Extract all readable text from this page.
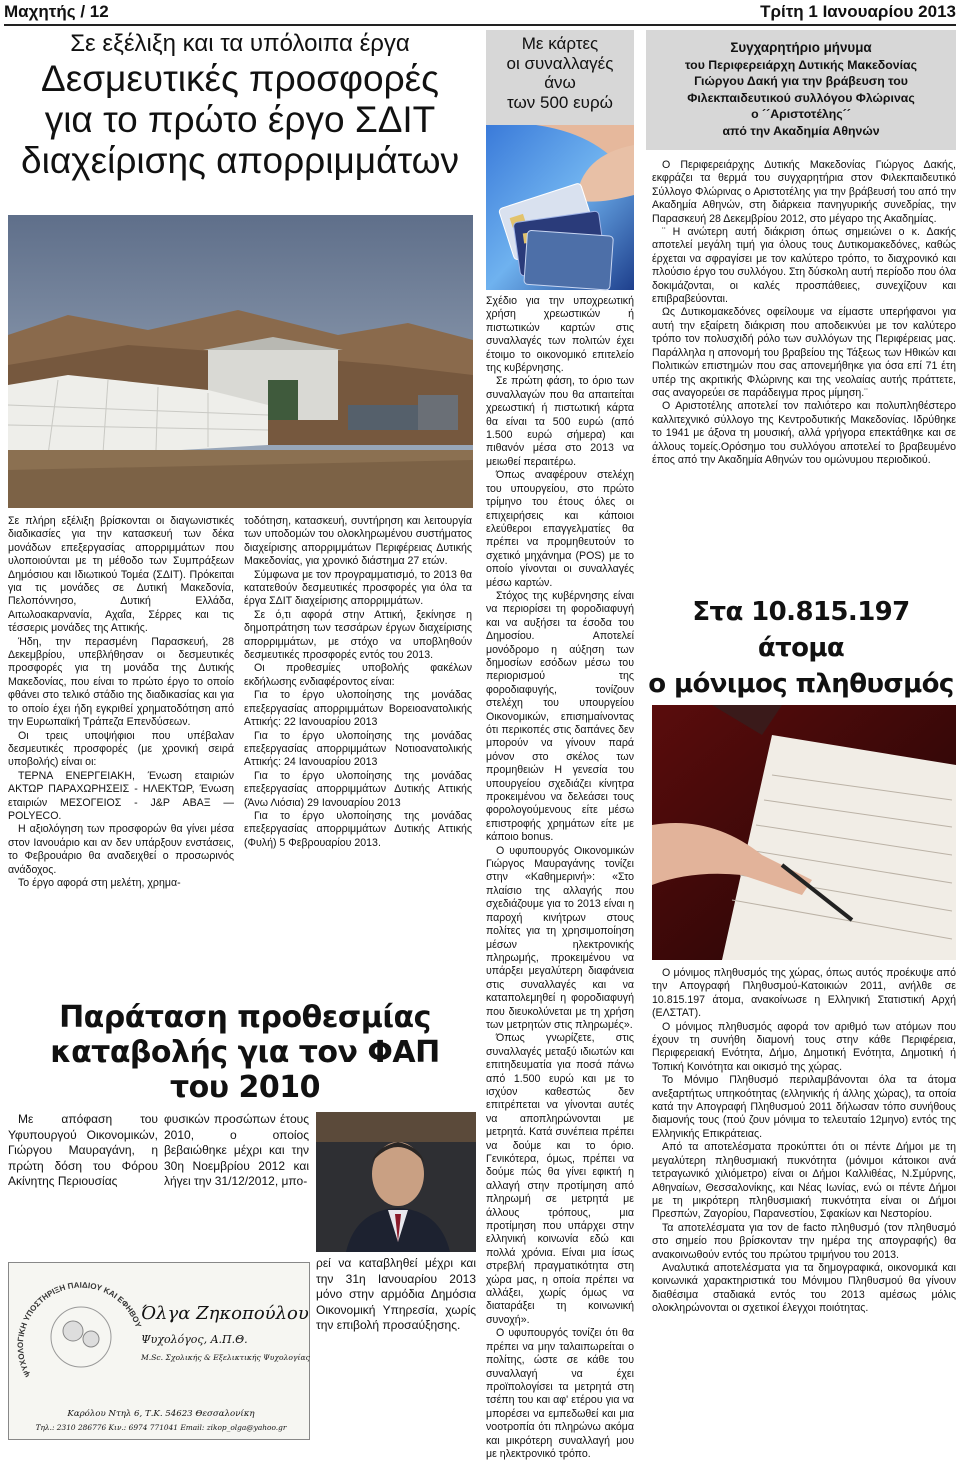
Μαχητής / 12	Τρίτη 1 Ιανουαρίου 2013
Σε εξέλιξη και τα υπόλοιπα έργα
Δεσμευτικές προσφορές
για το πρώτο έργο ΣΔΙΤ
διαχείρισης απορριμμάτων

Σε πλήρη εξέλιξη βρίσκονται οι διαγωνιστικές διαδικασίες για την κατασκευή των δέκα μονάδων επεξεργασίας απορριμμάτων που υλοποιούνται με τη μέθοδο των Συμπράξεων Δημόσιου και Ιδιωτικού Τομέα (ΣΔΙΤ). Πρόκειται για τις μονάδες σε Δυτική Μακεδονία, Πελοπόννησο, Δυτική Ελλάδα, Αιτωλοακαρνανία, Αχαΐα, Σέρρες και τις τέσσερις μονάδες της Αττικής.

Ήδη, την περασμένη Παρασκευή, 28 Δεκεμβρίου, υπεβλήθησαν οι δεσμευτικές προσφορές για τη μονάδα της Δυτικής Μακεδονίας, που είναι το πρώτο έργο το οποίο φθάνει στο τελικό στάδιο της διαδικασίας και για το οποίο έχει ήδη εγκριθεί χρηματοδότηση από την Ευρωπαϊκή Τράπεζα Επενδύσεων.

Οι τρεις υποψήφιοι που υπέβαλαν δεσμευτικές προσφορές (με χρονική σειρά υποβολής) είναι οι:

ΤΕΡΝΑ ΕΝΕΡΓΕΙΑΚΗ, Ένωση εταιριών ΑΚΤΩΡ ΠΑΡΑΧΩΡΗΣΕΙΣ - ΗΛΕΚΤΩΡ, Ένωση εταιριών ΜΕΣΟΓΕΙΟΣ - J&P ΑΒΑΞ — POLYECO.

Η αξιολόγηση των προσφορών θα γίνει μέσα στον Ιανουάριο και αν δεν υπάρξουν ενστάσεις, το Φεβρουάριο θα αναδειχθεί ο προσωρινός ανάδοχος.

Το έργο αφορά στη μελέτη, χρημα-

τοδότηση, κατασκευή, συντήρηση και λειτουργία των υποδομών του ολοκληρωμένου συστήματος διαχείρισης απορριμμάτων Περιφέρειας Δυτικής Μακεδονίας, για χρονικό διάστημα 27 ετών.

Σύμφωνα με τον προγραμματισμό, το 2013 θα κατατεθούν δεσμευτικές προσφορές για όλα τα έργα ΣΔΙΤ διαχείρισης απορριμμάτων.

Σε ό,τι αφορά στην Αττική, ξεκίνησε η δημοπράτηση των τεσσάρων έργων διαχείρισης απορριμμάτων, με στόχο να υποβληθούν δεσμευτικές προσφορές εντός του 2013.

Οι προθεσμίες υποβολής φακέλων εκδήλωσης ενδιαφέροντος είναι:

Για το έργο υλοποίησης της μονάδας επεξεργασίας απορριμμάτων Βορειοανατολικής Αττικής: 22 Ιανουαρίου 2013

Για το έργο υλοποίησης της μονάδας επεξεργασίας απορριμμάτων Νοτιοανατολικής Αττικής: 24 Ιανουαρίου 2013

Για το έργο υλοποίησης της μονάδας επεξεργασίας απορριμμάτων Δυτικής Αττικής (Άνω Λιόσια) 29 Ιανουαρίου 2013

Για το έργο υλοποίησης της μονάδας επεξεργασίας απορριμμάτων Δυτικής Αττικής (Φυλή) 5 Φεβρουαρίου 2013.

Παράταση προθεσμίας
καταβολής για τον ΦΑΠ
του 2010

Με απόφαση του Υφυπουργού Οικονομικών, Γιώργου Μαυραγάνη, η πρώτη δόση του Φόρου Ακίνητης Περιουσίας

φυσικών προσώπων έτους 2010, ο οποίος βεβαιώθηκε μέχρι και την 30η Νοεμβρίου 2012 και λήγει την 31/12/2012, μπο-

ρεί να καταβληθεί μέχρι και την 31η Ιανουαρίου 2013 μόνο στην αρμόδια Δημόσια Οικονομική Υπηρεσία, χωρίς την επιβολή προσαύξησης.

ΨΥΧΟΛΟΓΙΚΗ ΥΠΟΣΤΗΡΙΞΗ ΠΑΙΔΙΟΥ ΚΑΙ ΕΦΗΒΟΥ
Όλγα Ζηκοπούλου
Ψυχολόγος, Α.Π.Θ.
M.Sc. Σχολικής & Εξελικτικής Ψυχολογίας
Καρόλου Ντηλ 6, Τ.Κ. 54623 Θεσσαλονίκη
Τηλ.: 2310 286776 Κιν.: 6974 771041 Email: zikop_olga@yahoo.gr
Με κάρτες
οι συναλλαγές
άνω
των 500 ευρώ

Σχέδιο για την υποχρεωτική χρήση χρεωστικών ή πιστωτικών καρτών στις συναλλαγές των πολιτών έχει έτοιμο το οικονομικό επιτελείο της κυβέρνησης.

Σε πρώτη φάση, το όριο των συναλλαγών που θα απαιτείται χρεωστική ή πιστωτική κάρτα θα είναι τα 500 ευρώ (από 1.500 ευρώ σήμερα) και πιθανόν μέσα στο 2013 να μειωθεί περαιτέρω.

Όπως αναφέρουν στελέχη του υπουργείου, στο πρώτο τρίμηνο του έτους όλες οι επιχειρήσεις και κάποιοι ελεύθεροι επαγγελματίες θα πρέπει να προμηθευτούν το σχετικό μηχάνημα (POS) με το οποίο γίνονται οι συναλλαγές μέσω καρτών.

Στόχος της κυβέρνησης είναι να περιορίσει τη φοροδιαφυγή και να αυξήσει τα έσοδα του Δημοσίου. Αποτελεί μονόδρομο η αύξηση των δημοσίων εσόδων μέσω του περιορισμού της φοροδιαφυγής, τονίζουν στελέχη του υπουργείου Οικονομικών, επισημαίνοντας ότι περικοπές στις δαπάνες δεν μπορούν να γίνουν παρά μόνον στο σκέλος των προμηθειών Η γενεσία του υπουργείου σχεδιάζει κίνητρα προκειμένου να δελεάσει τους φορολογούμενους είτε μέσω επιστροφής χρημάτων είτε με κάποιο bonus.

Ο υφυπουργός Οικονομικών Γιώργος Μαυραγάνης τονίζει στην «Καθημερινή»: «Στο πλαίσιο της αλλαγής που σχεδιάζουμε για το 2013 είναι η παροχή κινήτρων στους πολίτες για τη χρησιμοποίηση μέσων ηλεκτρονικής πληρωμής, προκειμένου να υπάρξει μεγαλύτερη διαφάνεια στις συναλλαγές και να καταπολεμηθεί η φοροδιαφυγή που διευκολύνεται με τη χρήση των μετρητών στις πληρωμές».

Όπως γνωρίζετε, στις συναλλαγές μεταξύ ιδιωτών και επιτηδευματία για ποσά πάνω από 1.500 ευρώ και με το ισχύον καθεστώς δεν επιτρέπεται να γίνονται αυτές να αποπληρώνονται με μετρητά. Κατά συνέπεια πρέπει να δούμε και το όριο. Γενικότερα, όμως, πρέπει να δούμε πώς θα γίνει εφικτή η αλλαγή στην προτίμηση από πληρωμή σε μετρητά με άλλους τρόπους, μια προτίμηση που υπάρχει στην ελληνική κοινωνία εδώ και πολλά χρόνια. Είναι μια ίσως στρεβλή πραγματικότητα στη χώρα μας, η οποία πρέπει να αλλάξει, χωρίς όμως να διαταράξει τη κοινωνική συνοχή».

Ο υφυπουργός τονίζει ότι θα πρέπει να μην ταλαιπωρείται ο πολίτης, ώστε σε κάθε του συναλλαγή να έχει προϊπολογίσει τα μετρητά στη τσέπη του και αφ' ετέρου για να μπορέσει να εμπεδωθεί και μια νοοτροπία ότι πληρώνω ακόμα και μικρότερη συναλλαγή μου με ηλεκτρονικό τρόπο.

Συγχαρητήριο μήνυμα
του Περιφερειάρχη Δυτικής Μακεδονίας
Γιώργου Δακή για την βράβευση του
Φιλεκπαιδευτικού συλλόγου Φλώρινας
ο ´´Αριστοτέλης´´
από την Ακαδημία Αθηνών

Ο Περιφερειάρχης Δυτικής Μακεδονίας Γιώργος Δακής, εκφράζει τα θερμά του συγχαρητήρια στον Φιλεκπαιδευτικό Σύλλογο Φλώρινας ο Αριστοτέλης για την βράβευσή του από την Ακαδημία Αθηνών, στη διάρκεια πανηγυρικής συνεδρίας, την Παρασκευή 28 Δεκεμβρίου 2012, στο μέγαρο της Ακαδημίας.

¨ Η ανώτερη αυτή διάκριση όπως σημειώνει ο κ. Δακής αποτελεί μεγάλη τιμή για όλους τους Δυτικομακεδόνες, καθώς έρχεται να σφραγίσει με τον καλύτερο τρόπο, το διαχρονικό και πλούσιο έργο του συλλόγου. Στη δύσκολη αυτή περίοδο που όλα δοκιμάζονται, οι καλές προσπάθειες, συνεχίζουν και επιβραβεύονται.

Ως Δυτικομακεδόνες οφείλουμε να είμαστε υπερήφανοι για αυτή την εξαίρετη διάκριση που αποδεικνύει με τον καλύτερο τρόπο τον πολυσχιδή ρόλο των συλλόγων της Περιφέρειας μας. Παράλληλα η απονομή του βραβείου της Τάξεως των Ηθικών και Πολιτικών επιστημών που σας απονεμήθηκε για όσα επί 71 έτη υπέρ της ακριτικής Φλώρινης και της νεολαίας αυτής πράττετε, σας αναγορεύει σε παράδειγμα προς μίμηση.¨

Ο Αριστοτέλης αποτελεί τον παλιότερο και πολυπληθέστερο καλλιτεχνικό σύλλογο της Κεντροδυτικής Μακεδονίας. Ιδρύθηκε το 1941 με άξονα τη μουσική, αλλά γρήγορα επεκτάθηκε και σε άλλους τομείς.Ορόσημο του συλλόγου αποτελεί το βραβευμένο έπος από την Ακαδημία Αθηνών του ομώνυμου περιοδικού.

Στα 10.815.197 άτομα
ο μόνιμος πληθυσμός

Ο μόνιμος πληθυσμός της χώρας, όπως αυτός προέκυψε από την Απογραφή Πληθυσμού-Κατοικιών 2011, ανήλθε σε 10.815.197 άτομα, ανακοίνωσε η Ελληνική Στατιστική Αρχή (ΕΛΣΤΑΤ).

Ο μόνιμος πληθυσμός αφορά τον αριθμό των ατόμων που έχουν τη συνήθη διαμονή τους στην κάθε Περιφέρεια, Περιφερειακή Ενότητα, Δήμο, Δημοτική Ενότητα, Δημοτική ή Τοπική Κοινότητα και οικισμό της χώρας.

Το Μόνιμο Πληθυσμό περιλαμβάνονται όλα τα άτομα ανεξαρτήτως υπηκοότητας (ελληνικής ή άλλης χώρας), τα οποία κατά την Απογραφή Πληθυσμού 2011 δήλωσαν τόπο συνήθους διαμονής τους (πού ζουν μόνιμα το τελευταίο 12μηνο) εντός της Ελληνικής Επικράτειας.

Από τα αποτελέσματα προκύπτει ότι οι πέντε Δήμοι με τη μεγαλύτερη πληθυσμιακή πυκνότητα (μόνιμοι κάτοικοι ανά τετραγωνικό χιλιόμετρο) είναι οι Δήμοι Καλλιθέας, Ν.Σμύρνης, Αθηναίων, Θεσσαλονίκης, και Νέας Ιωνίας, ενώ οι πέντε Δήμοι με τη μικρότερη πληθυσμιακή πυκνότητα είναι οι Δήμοι Πρεσπών, Ζαγορίου, Παρανεστίου, Σφακίων και Νεστορίου.

Τα αποτελέσματα για τον de facto πληθυσμό (τον πληθυσμό στο σημείο που βρίσκονταν την ημέρα της απογραφής) θα ανακοινωθούν εντός του πρώτου τριμήνου του 2013.

Αναλυτικά αποτελέσματα για τα δημογραφικά, οικονομικά και κοινωνικά χαρακτηριστικά του Μόνιμου Πληθυσμού θα γίνουν διαθέσιμα σταδιακά εντός του 2013 αμέσως μόλις ολοκληρώνονται οι σχετικοί έλεγχοι ποιότητας.
